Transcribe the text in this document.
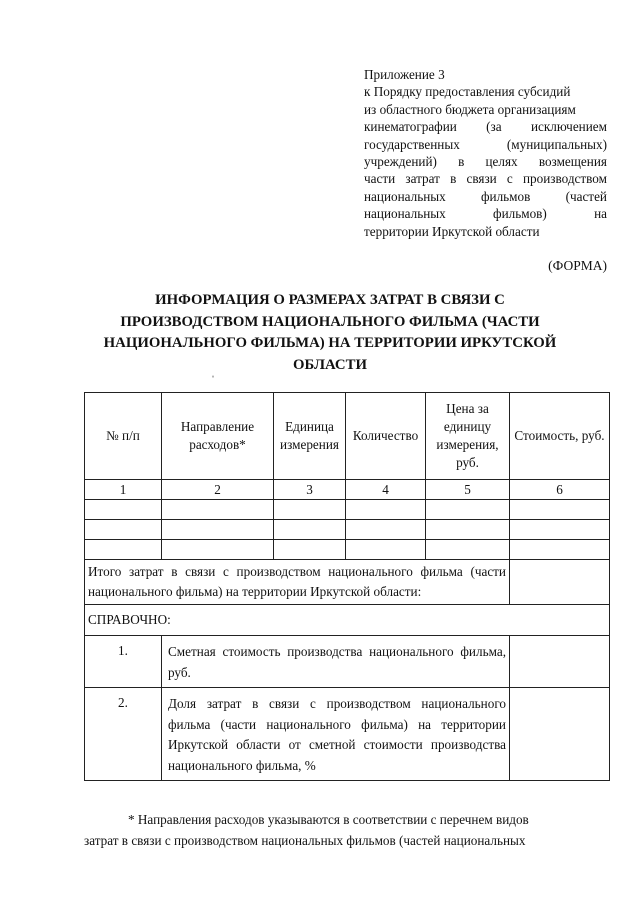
Приложение 3
к Порядку предоставления субсидий
из областного бюджета организациям
кинематографии (за исключением
государственных	(муниципальных)
учреждений) в целях возмещения
части затрат в связи с производством
национальных	фильмов	(частей
национальных	фильмов)	на
территории Иркутской области
(ФОРМА)
ИНФОРМАЦИЯ О РАЗМЕРАХ ЗАТРАТ В СВЯЗИ С
ПРОИЗВОДСТВОМ НАЦИОНАЛЬНОГО ФИЛЬМА (ЧАСТИ
НАЦИОНАЛЬНОГО ФИЛЬМА) НА ТЕРРИТОРИИ ИРКУТСКОЙ
ОБЛАСТИ
ˌ
№ п/п	Направление расходов*	Единица измерения	Количество	Цена за единицу измерения, руб.	Стоимость, руб.
1	2	3	4	5	6

Итого затрат в связи с производством национального фильма (части национального фильма) на территории Иркутской области:					
СПРАВОЧНО:					
1.	Сметная стоимость производства национального фильма, руб.				
2.	Доля затрат в связи с производством национального фильма (части национального фильма) на территории Иркутской области от сметной стоимости производства национального фильма, %				
* Направления расходов указываются в соответствии с перечнем видов
затрат в связи с производством национальных фильмов (частей национальных
